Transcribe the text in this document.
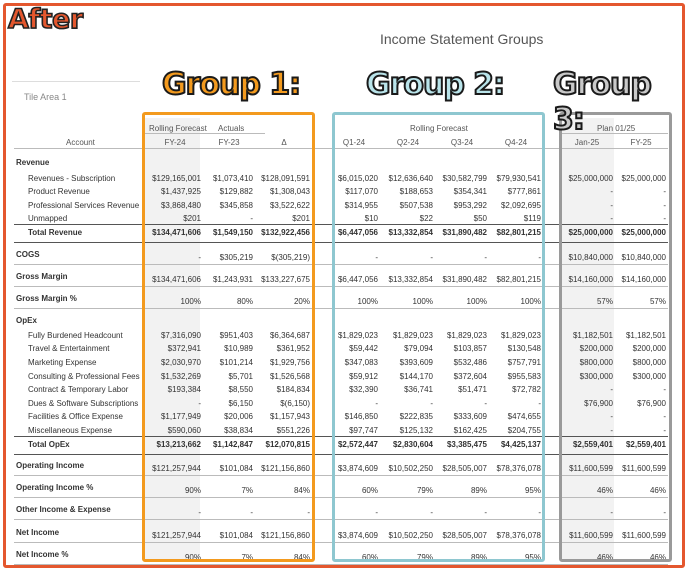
After
Income Statement Groups
Tile Area 1
Rolling Forecast Actuals	Rolling Forecast	Plan 01/25
Account	FY-24	FY-23	Δ	Q1-24	Q2-24	Q3-24	Q4-24	Jan-25	FY-25
Revenue
Revenues - Subscription	$129,165,001	$1,073,410	$128,091,591	$6,015,020	$12,636,640	$30,582,799	$79,930,541	$25,000,000	$25,000,000
Product Revenue	$1,437,925	$129,882	$1,308,043	$117,070	$188,653	$354,341	$777,861	-	-
Professional Services Revenue	$3,868,480	$345,858	$3,522,622	$314,955	$507,538	$953,292	$2,092,695	-	-
Unmapped	$201	-	$201	$10	$22	$50	$119	-	-
Total Revenue	$134,471,606	$1,549,150	$132,922,456	$6,447,056	$13,332,854	$31,890,482	$82,801,215	$25,000,000	$25,000,000
COGS	-	$305,219	$(305,219)	-	-	-	-	$10,840,000	$10,840,000
Gross Margin	$134,471,606	$1,243,931	$133,227,675	$6,447,056	$13,332,854	$31,890,482	$82,801,215	$14,160,000	$14,160,000
Gross Margin %	100%	80%	20%	100%	100%	100%	100%	57%	57%
OpEx
Fully Burdened Headcount	$7,316,090	$951,403	$6,364,687	$1,829,023	$1,829,023	$1,829,023	$1,829,023	$1,182,501	$1,182,501
Travel & Entertainment	$372,941	$10,989	$361,952	$59,442	$79,094	$103,857	$130,548	$200,000	$200,000
Marketing Expense	$2,030,970	$101,214	$1,929,756	$347,083	$393,609	$532,486	$757,791	$800,000	$800,000
Consulting & Professional Fees	$1,532,269	$5,701	$1,526,568	$59,912	$144,170	$372,604	$955,583	$300,000	$300,000
Contract & Temporary Labor	$193,384	$8,550	$184,834	$32,390	$36,741	$51,471	$72,782	-	-
Dues & Software Subscriptions	-	$6,150	$(6,150)	-	-	-	-	$76,900	$76,900
Facilities & Office Expense	$1,177,949	$20,006	$1,157,943	$146,850	$222,835	$333,609	$474,655	-	-
Miscellaneous Expense	$590,060	$38,834	$551,226	$97,747	$125,132	$162,425	$204,755	-	-
Total OpEx	$13,213,662	$1,142,847	$12,070,815	$2,572,447	$2,830,604	$3,385,475	$4,425,137	$2,559,401	$2,559,401
Operating Income	$121,257,944	$101,084	$121,156,860	$3,874,609	$10,502,250	$28,505,007	$78,376,078	$11,600,599	$11,600,599
Operating Income %	90%	7%	84%	60%	79%	89%	95%	46%	46%
Other Income & Expense	-	-	-	-	-	-	-	-	-
Net Income	$121,257,944	$101,084	$121,156,860	$3,874,609	$10,502,250	$28,505,007	$78,376,078	$11,600,599	$11,600,599
Net Income %	90%	7%	84%	60%	79%	89%	95%	46%	46%
Group 1: Group 2: Group 3:
